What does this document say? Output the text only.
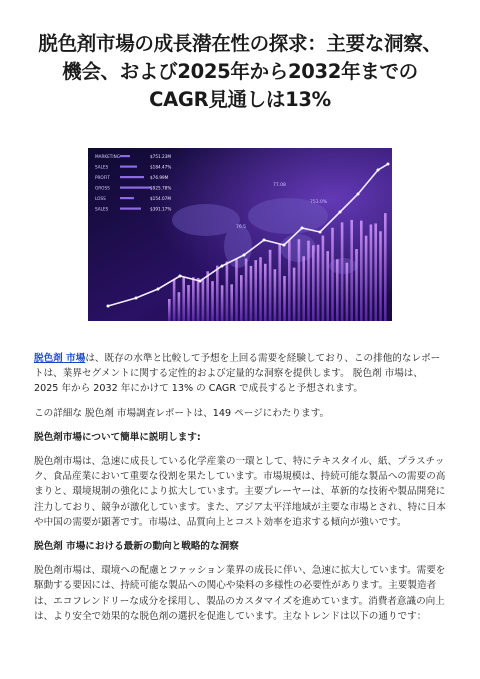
脱色剤市場の成長潜在性の探求：主要な洞察、機会、および2025年から2032年までのCAGR見通しは13%
MARKETING	$751.23M
SALES	$184.47%
PROFIT	$76.99M
GROSS	$925.78%
LOSS	$154.07M
SALES	$391.17%
77.08
753.0%
76.5

脱色剤 市場は、既存の水準と比較して予想を上回る需要を経験しており、この排他的なレポートは、業界セグメントに関する定性的および定量的な洞察を提供します。 脱色剤 市場は、2025 年から 2032 年にかけて 13% の CAGR で成長すると予想されます。

この詳細な 脱色剤 市場調査レポートは、149 ページにわたります。

脱色剤市場について簡単に説明します:

脱色剤市場は、急速に成長している化学産業の一環として、特にテキスタイル、紙、プラスチック、食品産業において重要な役割を果たしています。市場規模は、持続可能な製品への需要の高まりと、環境規制の強化により拡大しています。主要プレーヤーは、革新的な技術や製品開発に注力しており、競争が激化しています。また、アジア太平洋地域が主要な市場とされ、特に日本や中国の需要が顕著です。市場は、品質向上とコスト効率を追求する傾向が強いです。

脱色剤 市場における最新の動向と戦略的な洞察

脱色剤市場は、環境への配慮とファッション業界の成長に伴い、急速に拡大しています。需要を駆動する要因には、持続可能な製品への関心や染料の多様性の必要性があります。主要製造者は、エコフレンドリーな成分を採用し、製品のカスタマイズを進めています。消費者意識の向上は、より安全で効果的な脱色剤の選択を促進しています。主なトレンドは以下の通りです：
